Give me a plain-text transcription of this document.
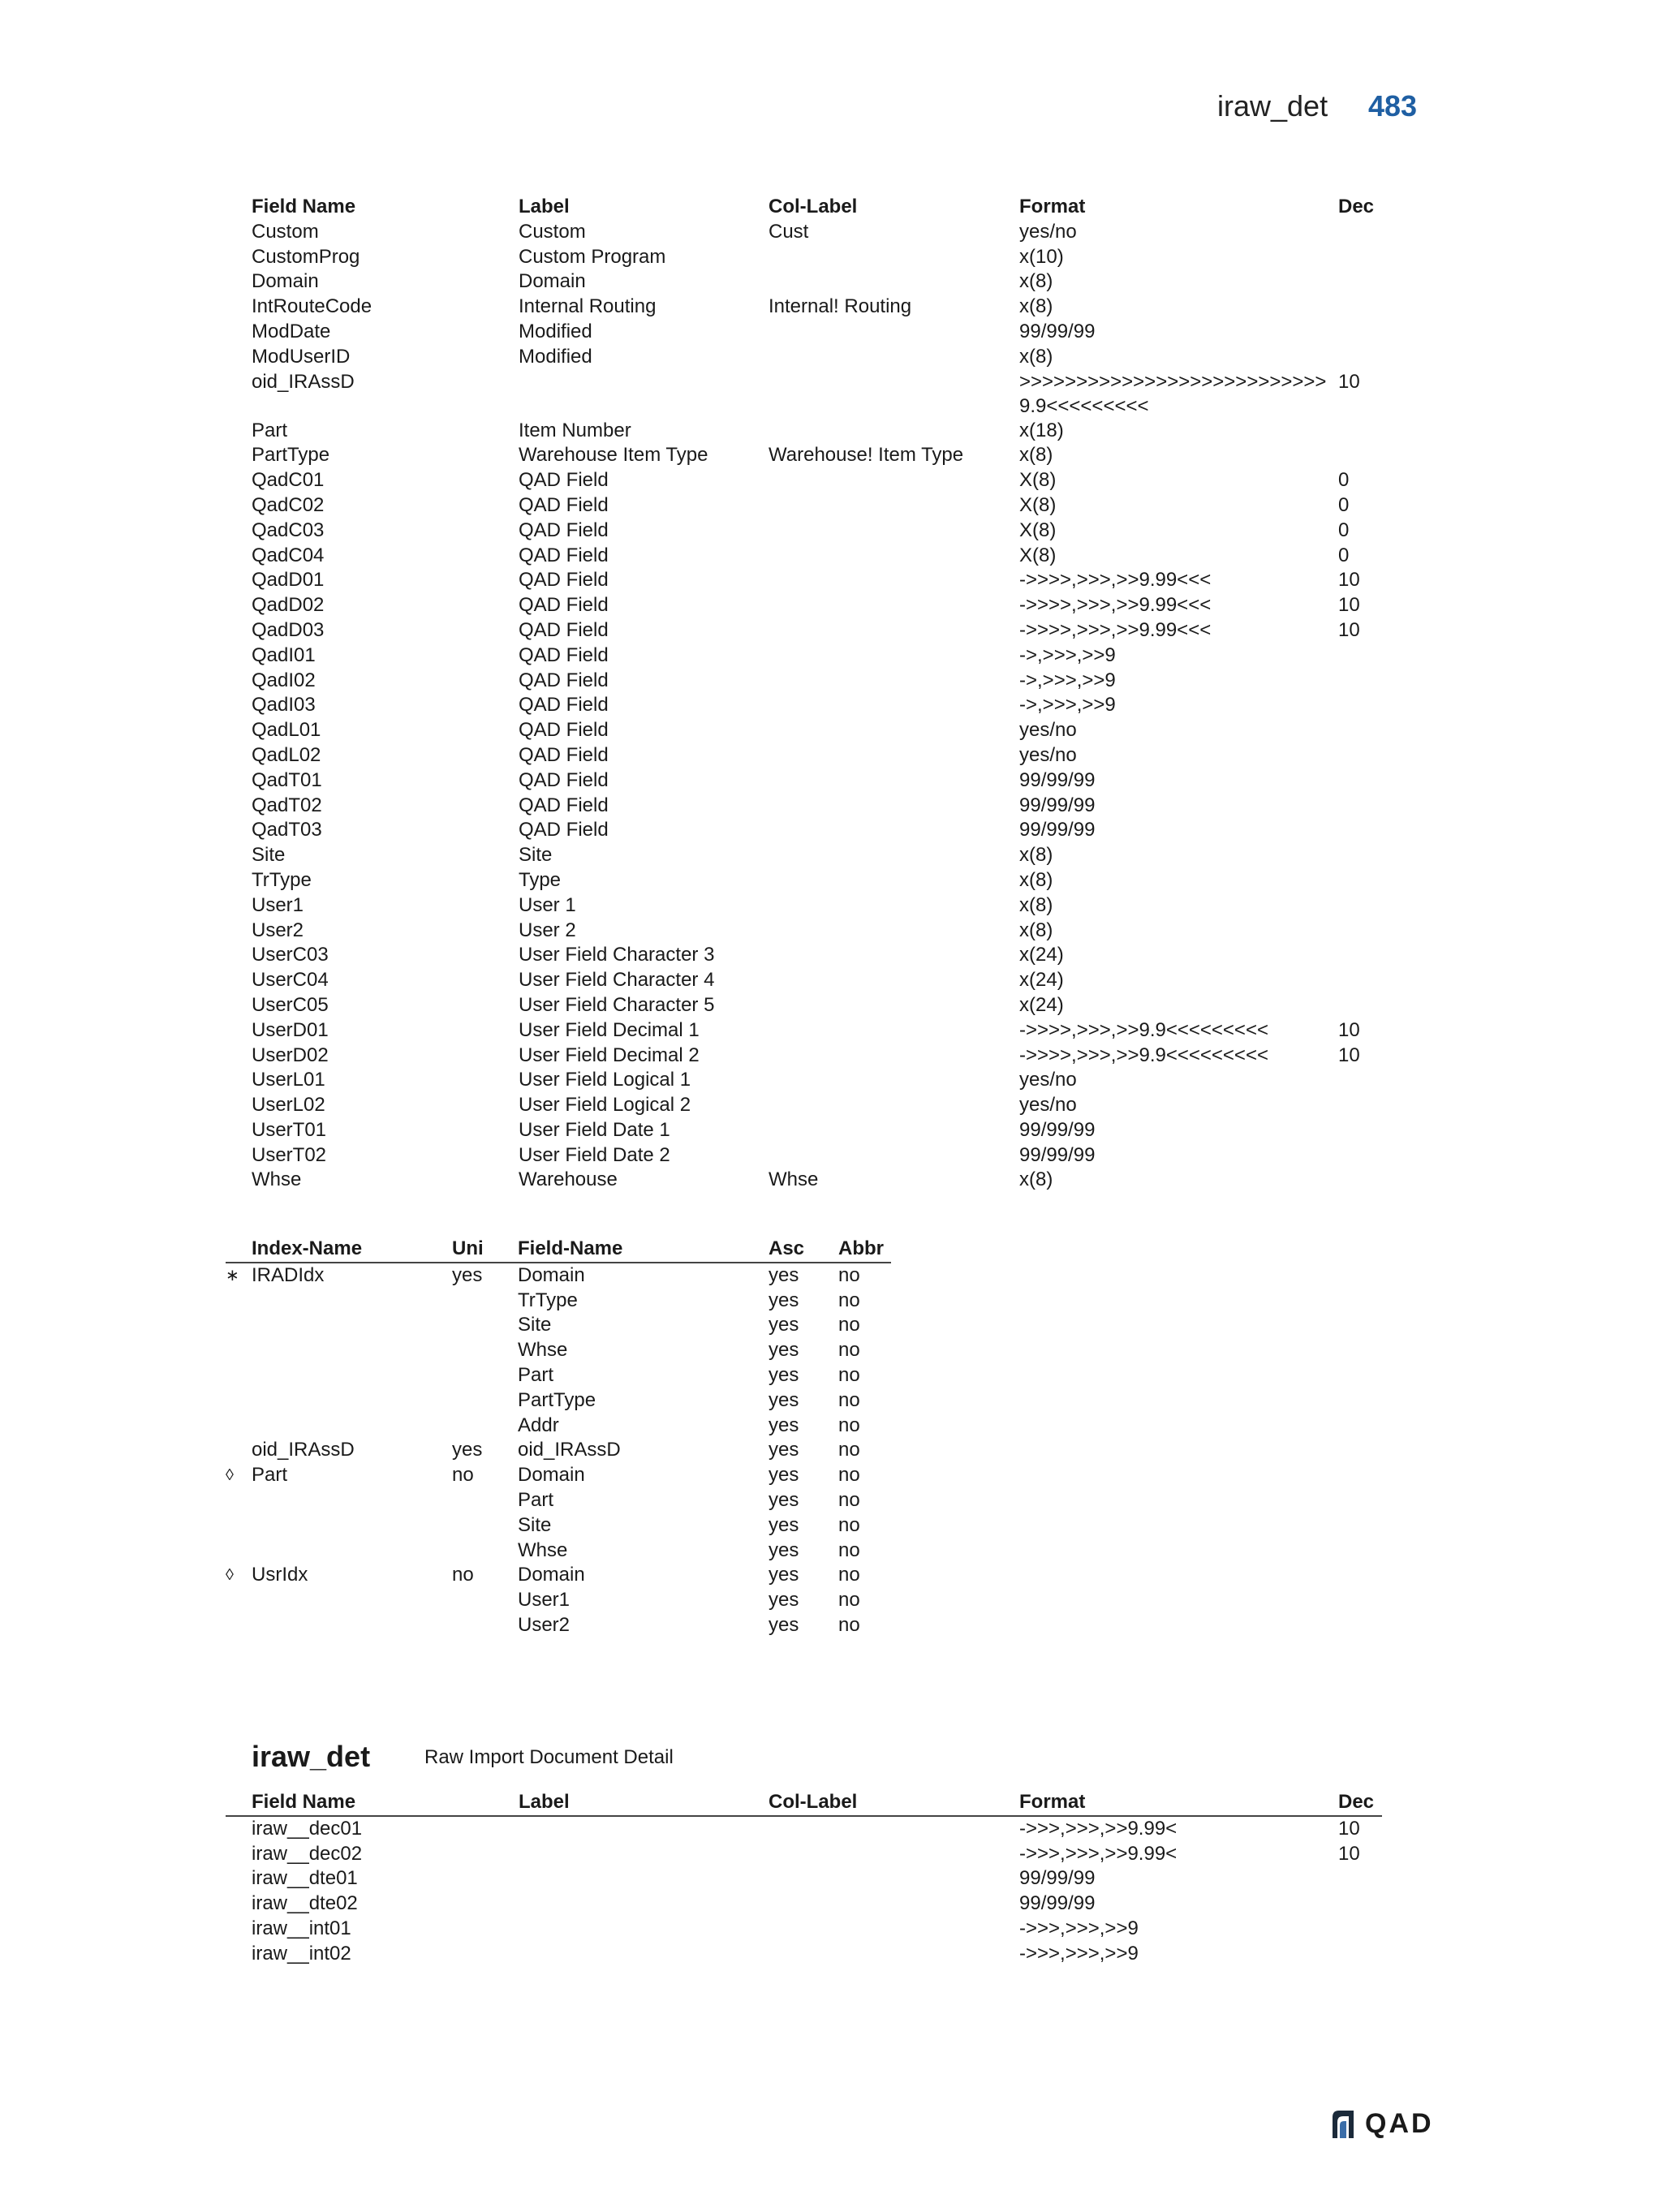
iraw_det 483
Field Name	Label	Col-Label	Format	Dec
Custom	Custom	Cust	yes/no	
CustomProg	Custom Program		x(10)	
Domain	Domain		x(8)	
IntRouteCode	Internal Routing	Internal! Routing	x(8)	
ModDate	Modified		99/99/99	
ModUserID	Modified		x(8)	
oid_IRAssD			>>>>>>>>>>>>>>>>>>>>>>>>>>>9.9<<<<<<<<<	10
Part	Item Number		x(18)	
PartType	Warehouse Item Type	Warehouse! Item Type	x(8)	
QadC01	QAD Field		X(8)	0
QadC02	QAD Field		X(8)	0
QadC03	QAD Field		X(8)	0
QadC04	QAD Field		X(8)	0
QadD01	QAD Field		->>>>,>>>,>>9.99<<<	10
QadD02	QAD Field		->>>>,>>>,>>9.99<<<	10
QadD03	QAD Field		->>>>,>>>,>>9.99<<<	10
QadI01	QAD Field		->,>>>,>>9	
QadI02	QAD Field		->,>>>,>>9	
QadI03	QAD Field		->,>>>,>>9	
QadL01	QAD Field		yes/no	
QadL02	QAD Field		yes/no	
QadT01	QAD Field		99/99/99	
QadT02	QAD Field		99/99/99	
QadT03	QAD Field		99/99/99	
Site	Site		x(8)	
TrType	Type		x(8)	
User1	User 1		x(8)	
User2	User 2		x(8)	
UserC03	User Field Character 3		x(24)	
UserC04	User Field Character 4		x(24)	
UserC05	User Field Character 5		x(24)	
UserD01	User Field Decimal 1		->>>>,>>>,>>9.9<<<<<<<<<	10
UserD02	User Field Decimal 2		->>>>,>>>,>>9.9<<<<<<<<<	10
UserL01	User Field Logical 1		yes/no	
UserL02	User Field Logical 2		yes/no	
UserT01	User Field Date 1		99/99/99	
UserT02	User Field Date 2		99/99/99	
Whse	Warehouse	Whse	x(8)	
	Index-Name	Uni	Field-Name	Asc	Abbr
∗	IRADIdx	yes	Domain	yes	no
			TrType	yes	no
			Site	yes	no
			Whse	yes	no
			Part	yes	no
			PartType	yes	no
			Addr	yes	no
	oid_IRAssD	yes	oid_IRAssD	yes	no
◊	Part	no	Domain	yes	no
			Part	yes	no
			Site	yes	no
			Whse	yes	no
◊	UsrIdx	no	Domain	yes	no
			User1	yes	no
			User2	yes	no
iraw_det	Raw Import Document Detail
	Field Name	Label	Col-Label	Format	Dec
	iraw__dec01			->>>,>>>,>>9.99<	10
	iraw__dec02			->>>,>>>,>>9.99<	10
	iraw__dte01			99/99/99	
	iraw__dte02			99/99/99	
	iraw__int01			->>>,>>>,>>9	
	iraw__int02			->>>,>>>,>>9	
QAD
